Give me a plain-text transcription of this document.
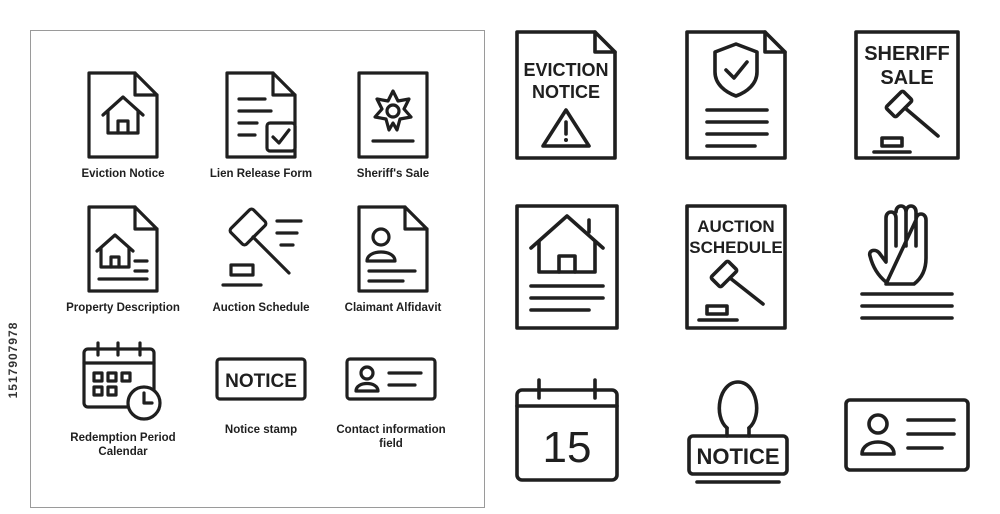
1517907978
Eviction Notice	Lien Release Form	Sheriff's Sale
Property Description	Auction Schedule	Claimant Alfidavit
Redemption Period
Calendar
NOTICE
Notice stamp	Contact information
field
EVICTION
NOTICE
SHERIFF
SALE
AUCTION
SCHEDULE
15	NOTICE
